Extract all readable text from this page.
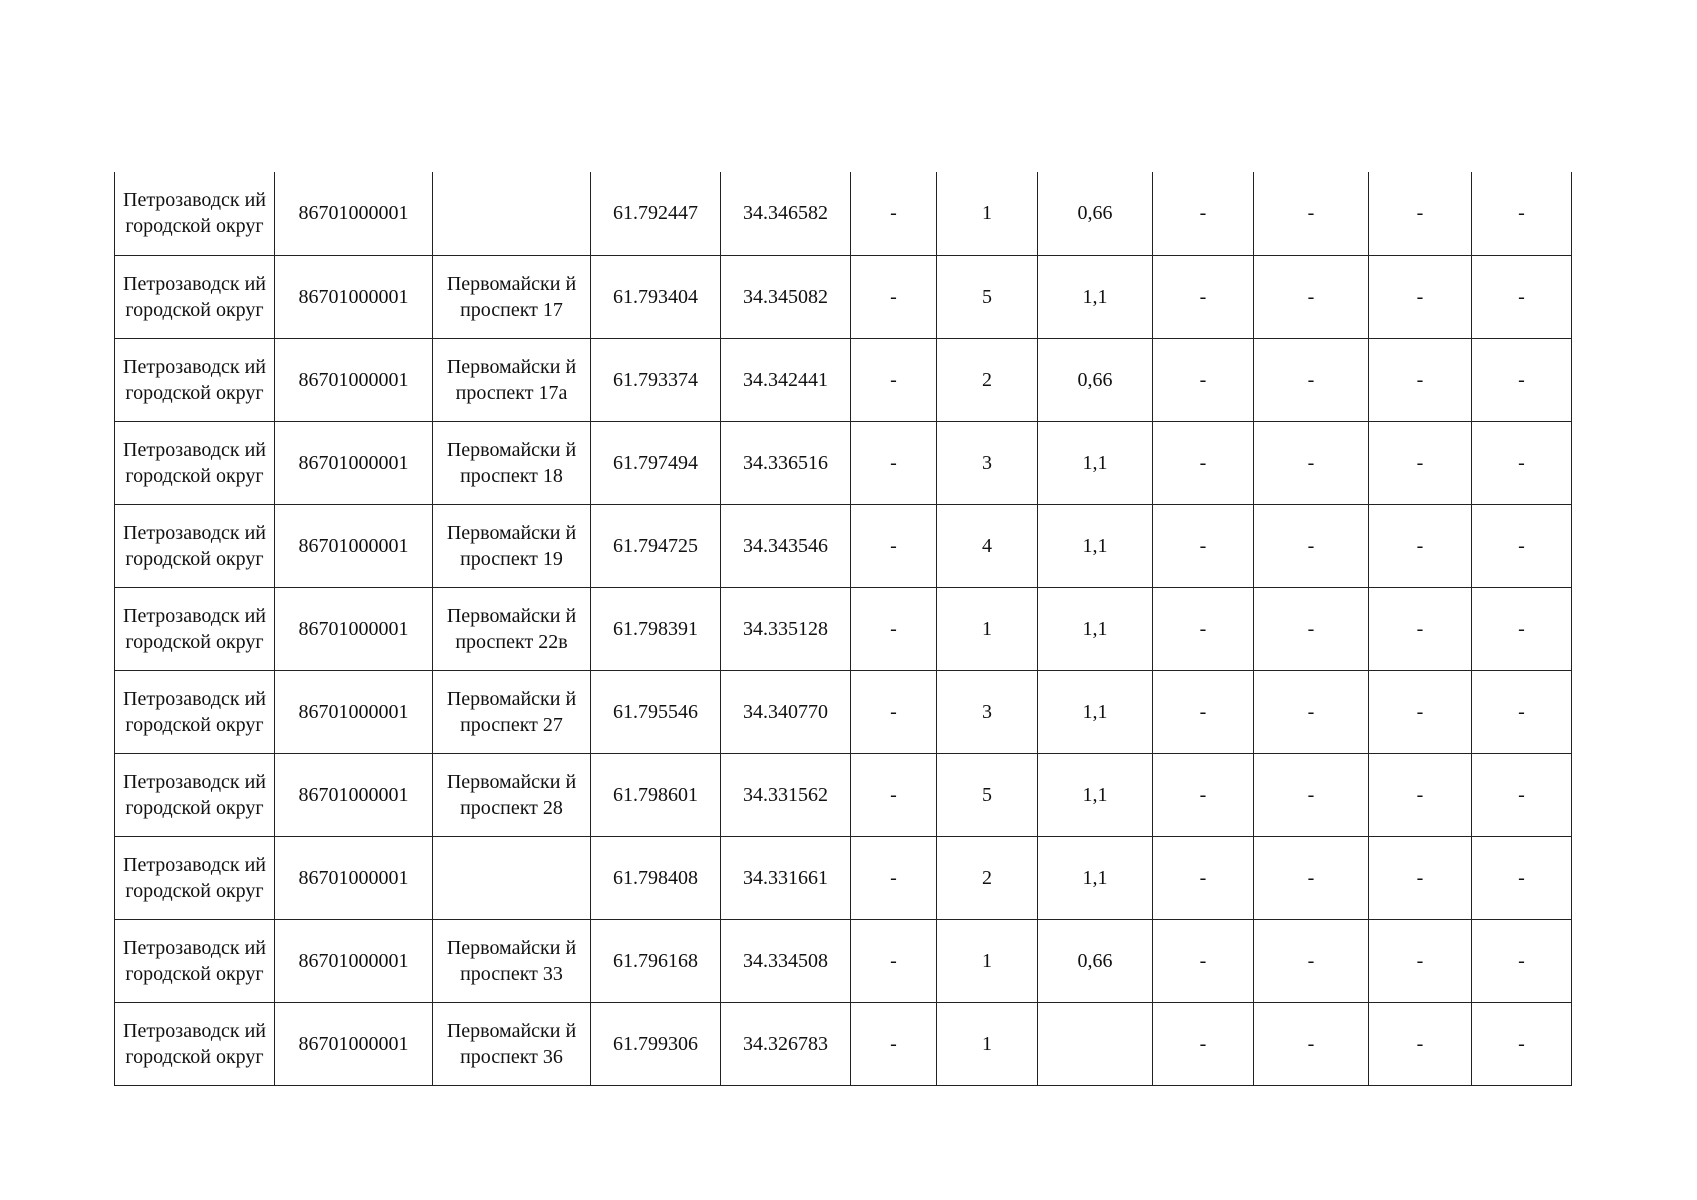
Петрозаводск ий городской округ	86701000001		61.792447	34.346582	-	1	0,66	-	-	-	-
Петрозаводск ий городской округ	86701000001	Первомайски й проспект 17	61.793404	34.345082	-	5	1,1	-	-	-	-
Петрозаводск ий городской округ	86701000001	Первомайски й проспект 17а	61.793374	34.342441	-	2	0,66	-	-	-	-
Петрозаводск ий городской округ	86701000001	Первомайски й проспект 18	61.797494	34.336516	-	3	1,1	-	-	-	-
Петрозаводск ий городской округ	86701000001	Первомайски й проспект 19	61.794725	34.343546	-	4	1,1	-	-	-	-
Петрозаводск ий городской округ	86701000001	Первомайски й проспект 22в	61.798391	34.335128	-	1	1,1	-	-	-	-
Петрозаводск ий городской округ	86701000001	Первомайски й проспект 27	61.795546	34.340770	-	3	1,1	-	-	-	-
Петрозаводск ий городской округ	86701000001	Первомайски й проспект 28	61.798601	34.331562	-	5	1,1	-	-	-	-
Петрозаводск ий городской округ	86701000001		61.798408	34.331661	-	2	1,1	-	-	-	-
Петрозаводск ий городской округ	86701000001	Первомайски й проспект 33	61.796168	34.334508	-	1	0,66	-	-	-	-
Петрозаводск ий городской округ	86701000001	Первомайски й проспект 36	61.799306	34.326783	-	1		-	-	-	-
